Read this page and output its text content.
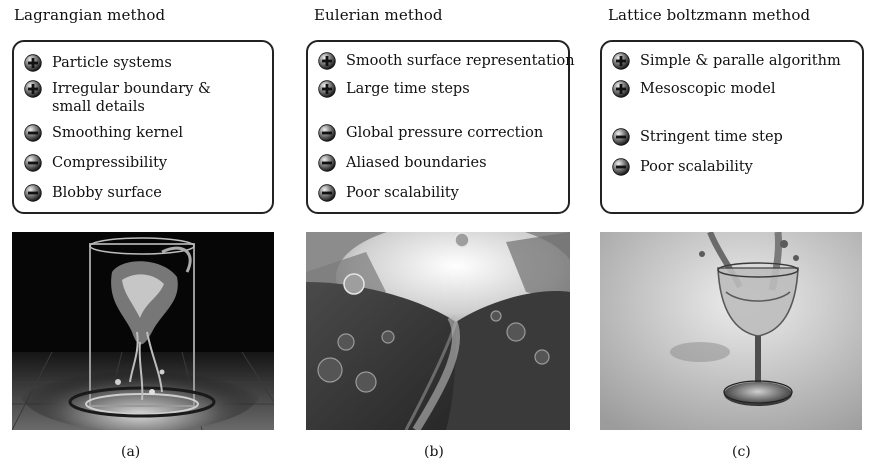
Lagrangian method
Particle systems
Irregular boundary &
small details
Smoothing kernel
Compressibility
Blobby surface
(a)
Eulerian method
Smooth surface representation
Large time steps
Global pressure correction
Aliased boundaries
Poor scalability
(b)
Lattice boltzmann method
Simple & paralle algorithm
Mesoscopic model
Stringent time step
Poor scalability
(c)
